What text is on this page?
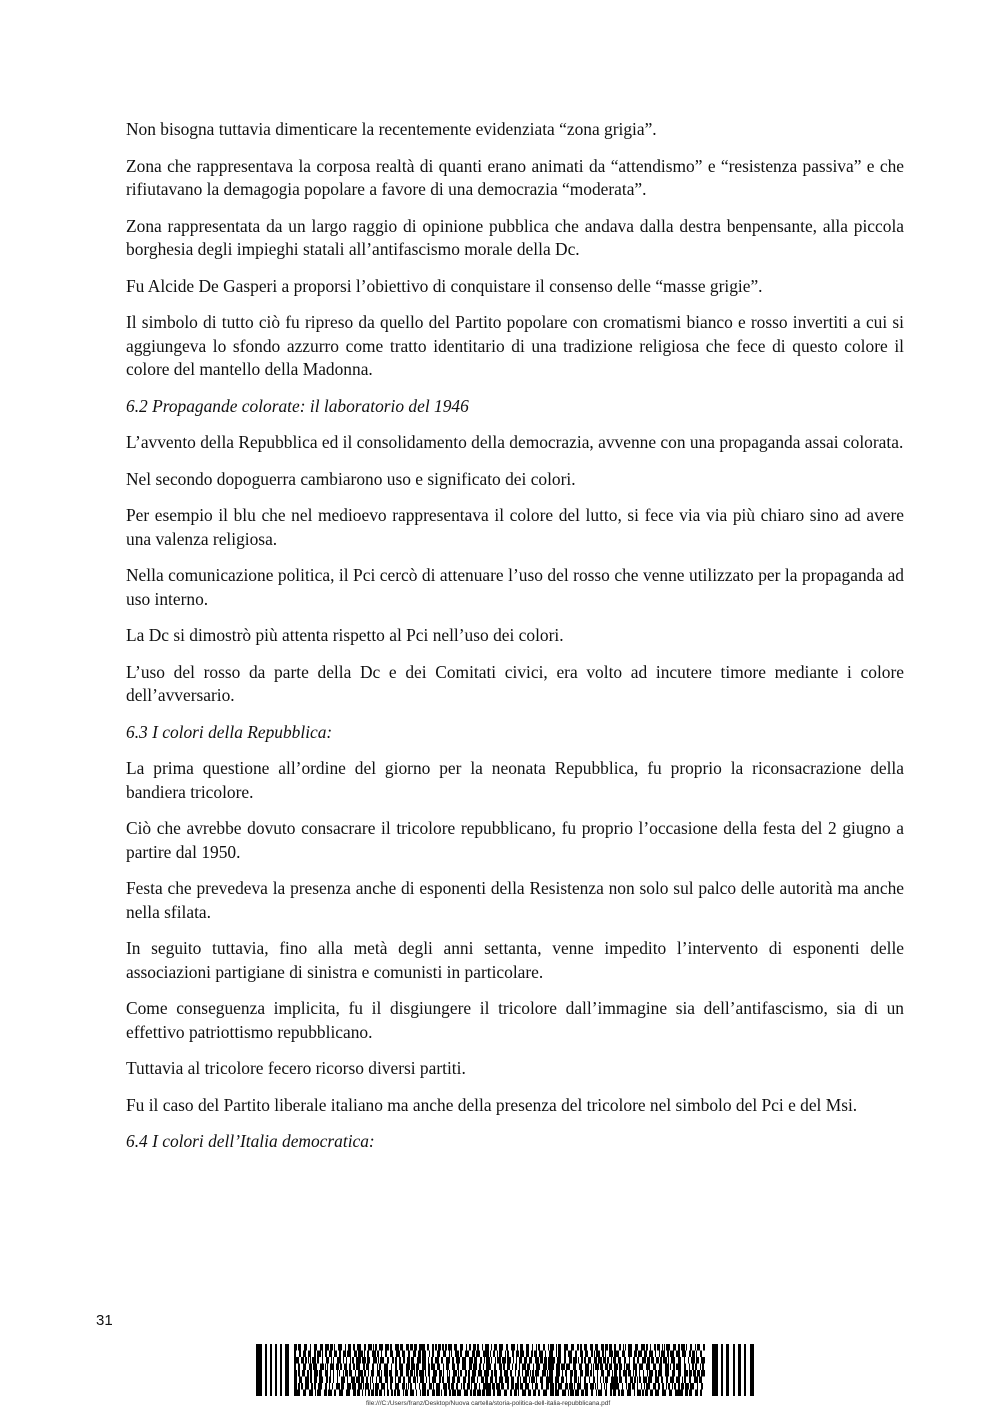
Non bisogna tuttavia dimenticare la recentemente evidenziata “zona grigia”.

Zona che rappresentava la corposa realtà di quanti erano animati da “attendismo” e “resistenza passiva” e che rifiutavano la demagogia popolare a favore di una democrazia “moderata”.

Zona rappresentata da un largo raggio di opinione pubblica che andava dalla destra benpensante, alla piccola borghesia degli impieghi statali all’antifascismo morale della Dc.

Fu Alcide De Gasperi a proporsi l’obiettivo di conquistare il consenso delle “masse grigie”.

Il simbolo di tutto ciò fu ripreso da quello del Partito popolare con cromatismi bianco e rosso invertiti a cui si aggiungeva lo sfondo azzurro come tratto identitario di una tradizione religiosa che fece di questo colore il colore del mantello della Madonna.

6.2 Propagande colorate: il laboratorio del 1946

L’avvento della Repubblica ed il consolidamento della democrazia, avvenne con una propaganda assai colorata.

Nel secondo dopoguerra cambiarono uso e significato dei colori.

Per esempio il blu che nel medioevo rappresentava il colore del lutto, si fece via via più chiaro sino ad avere una valenza religiosa.

Nella comunicazione politica, il Pci cercò di attenuare l’uso del rosso che venne utilizzato per la propaganda ad uso interno.

La Dc si dimostrò più attenta rispetto al Pci nell’uso dei colori.

L’uso del rosso da parte della Dc e dei Comitati civici, era volto ad incutere timore mediante i colore dell’avversario.

6.3 I colori della Repubblica:

La prima questione all’ordine del giorno per la neonata Repubblica, fu proprio la riconsacrazione della bandiera tricolore.

Ciò che avrebbe dovuto consacrare il tricolore repubblicano, fu proprio l’occasione della festa del 2 giugno a partire dal 1950.

Festa che prevedeva la presenza anche di esponenti della Resistenza non solo sul palco delle autorità ma anche nella sfilata.

In seguito tuttavia, fino alla metà degli anni settanta, venne impedito l’intervento di esponenti delle associazioni partigiane di sinistra e comunisti in particolare.

Come conseguenza implicita, fu il disgiungere il tricolore dall’immagine sia dell’antifascismo, sia di un effettivo patriottismo repubblicano.

Tuttavia al tricolore fecero ricorso diversi partiti.

Fu il caso del Partito liberale italiano ma anche della presenza del tricolore nel simbolo del Pci e del Msi.

6.4 I colori dell’Italia democratica:

31
file:///C:/Users/franz/Desktop/Nuova cartella/storia-politica-dell-italia-repubblicana.pdf
